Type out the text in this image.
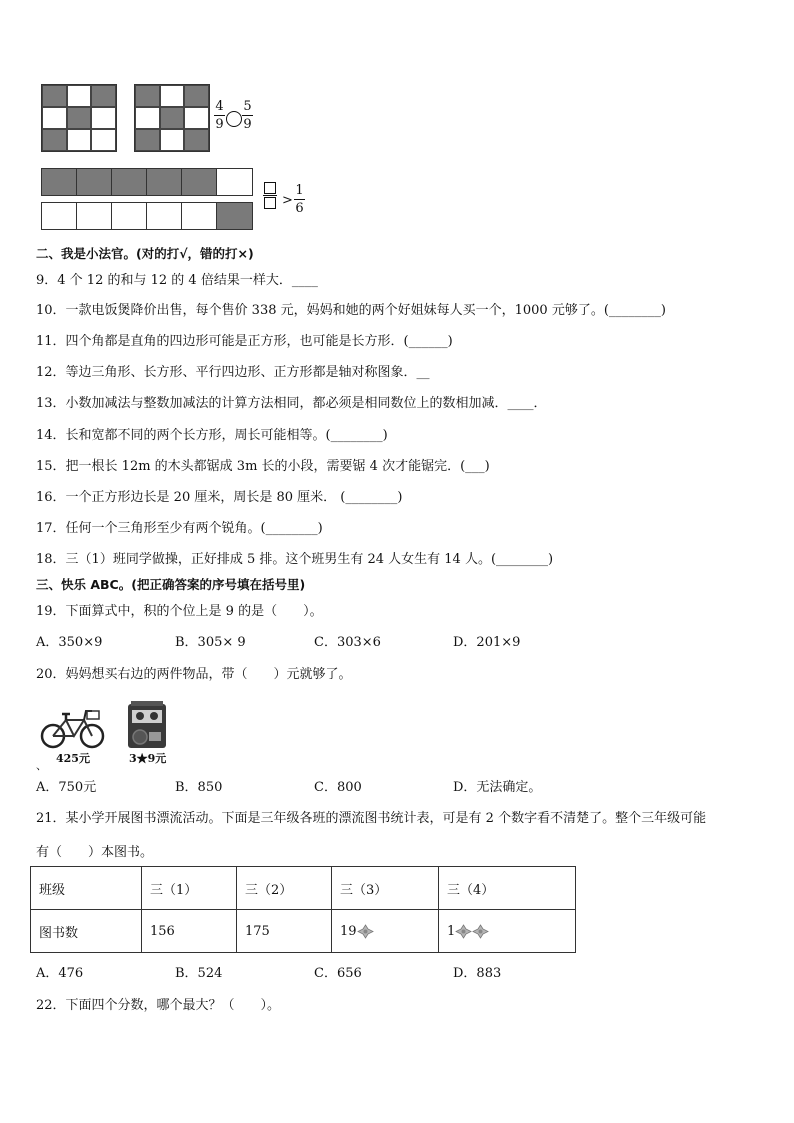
4
9
5
9
>
1
6
二、我是小法官。(对的打√，错的打×)
9．4 个 12 的和与 12 的 4 倍结果一样大．____
10．一款电饭煲降价出售，每个售价 338 元，妈妈和她的两个好姐妹每人买一个，1000 元够了。(________)
11．四个角都是直角的四边形可能是正方形，也可能是长方形．(______)
12．等边三角形、长方形、平行四边形、正方形都是轴对称图象．__
13．小数加减法与整数加减法的计算方法相同，都必须是相同数位上的数相加减．____．
14．长和宽都不同的两个长方形，周长可能相等。(________)
15．把一根长 12m 的木头都锯成 3m 长的小段，需要锯 4 次才能锯完．(___)
16．一个正方形边长是 20 厘米，周长是 80 厘米． (________)
17．任何一个三角形至少有两个锐角。(________)
18．三（1）班同学做操，正好排成 5 排。这个班男生有 24 人女生有 14 人。(________)
三、快乐 ABC。(把正确答案的序号填在括号里)
19．下面算式中，积的个位上是 9 的是（　　）。
A．350×9	B．305× 9	C．303×6	D．201×9
20．妈妈想买右边的两件物品，带（　　）元就够了。
425元	3★9元
、
A．750元	B．850	C．800	D．无法确定。
21．某小学开展图书漂流活动。下面是三年级各班的漂流图书统计表，可是有 2 个数字看不清楚了。整个三年级可能
有（　　）本图书。
班级	三（1）	三（2）	三（3）	三（4）
图书数	156	175	19	1
A．476	B．524	C．656	D．883
22．下面四个分数，哪个最大？（　　）。
